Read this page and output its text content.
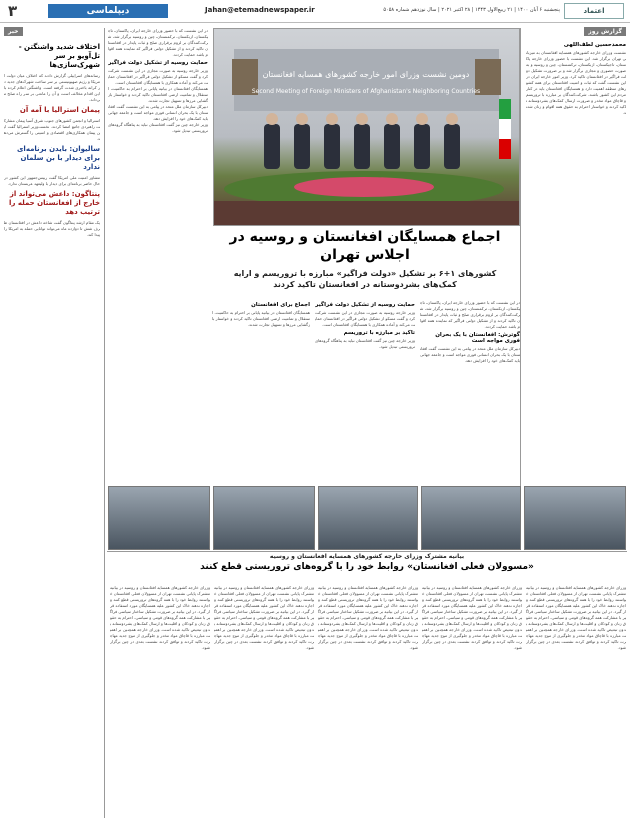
۳	دیپلماسی	Jahan@etemadnewspaper.ir	پنجشنبه ۶ آبان ۱۴۰۰ | ۲۱ ربیع‌الاول ۱۴۴۳ | ۲۸ اکتبر ۲۰۲۱ | سال نوزدهم شماره ۵۰۵۸	اعتماد
گزارش روز

محمدحسین لطف‌اللهی

نشست وزرای خارجه کشورهای همسایه افغانستان به میزبانی تهران برگزار شد. این نشست با حضور وزرای خارجه پاکستان، تاجیکستان، ازبکستان، ترکمنستان، چین و روسیه و به صورت حضوری و مجازی برگزار شد و بر ضرورت تشکیل دولت فراگیر در افغانستان تاکید کرد. وزیر امور خارجه ایران در این نشست گفت که ثبات و امنیت افغانستان برای همه کشورهای منطقه اهمیت دارد و همسایگان افغانستان باید در کنار مردم این کشور باشند. شرکت‌کنندگان بر مبارزه با تروریسم و قاچاق مواد مخدر و ضرورت ارسال کمک‌های بشردوستانه تاکید کردند و خواستار احترام به حقوق همه اقوام و زنان شدند.

دومین نشست وزرای امور خارجه کشورهای همسایه افغانستان
Second Meeting of Foreign Ministers of Afghanistan's Neighboring Countries
اجماع همسایگان افغانستان و روسیه در اجلاس تهران
کشورهای ۱+۶ بر تشکیل «دولت فراگیر» مبارزه با تروریسم و ارایه کمک‌های بشردوستانه در افغانستان تاکید کردند

در این نشست که با حضور وزرای خارجه ایران، پاکستان، تاجیکستان، ازبکستان، ترکمنستان، چین و روسیه برگزار شد، شرکت‌کنندگان بر لزوم برقراری صلح و ثبات پایدار در افغانستان تاکید کردند و از تشکیل دولتی فراگیر که نماینده همه اقوام باشد حمایت کردند.

گوترش: افغانستان با یک بحران فوری مواجه است

دبیرکل سازمان ملل متحد در پیامی به این نشست گفت افغانستان با یک بحران انسانی فوری مواجه است و جامعه جهانی باید کمک‌های خود را افزایش دهد.

حمایت روسیه از تشکیل دولت فراگیر

وزیر خارجه روسیه به صورت مجازی در این نشست شرکت کرد و گفت مسکو از تشکیل دولتی فراگیر در افغانستان حمایت می‌کند و آماده همکاری با همسایگان افغانستان است.

تاکید بر مبارزه با تروریسم

وزیر خارجه چین نیز گفت افغانستان نباید به پناهگاه گروه‌های تروریستی تبدیل شود.

اجماع برای افغانستان

همسایگان افغانستان در بیانیه پایانی بر احترام به حاکمیت، استقلال و تمامیت ارضی افغانستان تاکید کردند و خواستار بازگشایی مرزها و تسهیل تجارت شدند.

در این نشست که با حضور وزرای خارجه ایران، پاکستان، تاجیکستان، ازبکستان، ترکمنستان، چین و روسیه برگزار شد، شرکت‌کنندگان بر لزوم برقراری صلح و ثبات پایدار در افغانستان تاکید کردند و از تشکیل دولتی فراگیر که نماینده همه اقوام باشد حمایت کردند.

حمایت روسیه از تشکیل دولت فراگیر

وزیر خارجه روسیه به صورت مجازی در این نشست شرکت کرد و گفت مسکو از تشکیل دولتی فراگیر در افغانستان حمایت می‌کند و آماده همکاری با همسایگان افغانستان است.

همسایگان افغانستان در بیانیه پایانی بر احترام به حاکمیت، استقلال و تمامیت ارضی افغانستان تاکید کردند و خواستار بازگشایی مرزها و تسهیل تجارت شدند.

دبیرکل سازمان ملل متحد در پیامی به این نشست گفت افغانستان با یک بحران انسانی فوری مواجه است و جامعه جهانی باید کمک‌های خود را افزایش دهد.

وزیر خارجه چین نیز گفت افغانستان نباید به پناهگاه گروه‌های تروریستی تبدیل شود.

بیانیه مشترک وزرای خارجه کشورهای همسایه افغانستان و روسیه
«مسوولان فعلی افغانستان» روابط خود را با گروه‌های تروریستی قطع کنند

وزرای خارجه کشورهای همسایه افغانستان و روسیه در بیانیه مشترک پایانی نشست تهران از مسوولان فعلی افغانستان خواستند روابط خود را با همه گروه‌های تروریستی قطع کنند و اجازه ندهند خاک این کشور علیه همسایگان مورد استفاده قرار گیرد. در این بیانیه بر ضرورت تشکیل ساختار سیاسی فراگیر با مشارکت همه گروه‌های قومی و سیاسی، احترام به حقوق زنان و کودکان و اقلیت‌ها و ارسال کمک‌های بشردوستانه بدون تبعیض تاکید شده است. وزرای خارجه همچنین بر اهمیت مبارزه با قاچاق مواد مخدر و جلوگیری از موج جدید مهاجرت تاکید کردند و توافق کردند نشست بعدی در چین برگزار شود.

وزرای خارجه کشورهای همسایه افغانستان و روسیه در بیانیه مشترک پایانی نشست تهران از مسوولان فعلی افغانستان خواستند روابط خود را با همه گروه‌های تروریستی قطع کنند و اجازه ندهند خاک این کشور علیه همسایگان مورد استفاده قرار گیرد. در این بیانیه بر ضرورت تشکیل ساختار سیاسی فراگیر با مشارکت همه گروه‌های قومی و سیاسی، احترام به حقوق زنان و کودکان و اقلیت‌ها و ارسال کمک‌های بشردوستانه بدون تبعیض تاکید شده است. وزرای خارجه همچنین بر اهمیت مبارزه با قاچاق مواد مخدر و جلوگیری از موج جدید مهاجرت تاکید کردند و توافق کردند نشست بعدی در چین برگزار شود.

وزرای خارجه کشورهای همسایه افغانستان و روسیه در بیانیه مشترک پایانی نشست تهران از مسوولان فعلی افغانستان خواستند روابط خود را با همه گروه‌های تروریستی قطع کنند و اجازه ندهند خاک این کشور علیه همسایگان مورد استفاده قرار گیرد. در این بیانیه بر ضرورت تشکیل ساختار سیاسی فراگیر با مشارکت همه گروه‌های قومی و سیاسی، احترام به حقوق زنان و کودکان و اقلیت‌ها و ارسال کمک‌های بشردوستانه بدون تبعیض تاکید شده است. وزرای خارجه همچنین بر اهمیت مبارزه با قاچاق مواد مخدر و جلوگیری از موج جدید مهاجرت تاکید کردند و توافق کردند نشست بعدی در چین برگزار شود.

وزرای خارجه کشورهای همسایه افغانستان و روسیه در بیانیه مشترک پایانی نشست تهران از مسوولان فعلی افغانستان خواستند روابط خود را با همه گروه‌های تروریستی قطع کنند و اجازه ندهند خاک این کشور علیه همسایگان مورد استفاده قرار گیرد. در این بیانیه بر ضرورت تشکیل ساختار سیاسی فراگیر با مشارکت همه گروه‌های قومی و سیاسی، احترام به حقوق زنان و کودکان و اقلیت‌ها و ارسال کمک‌های بشردوستانه بدون تبعیض تاکید شده است. وزرای خارجه همچنین بر اهمیت مبارزه با قاچاق مواد مخدر و جلوگیری از موج جدید مهاجرت تاکید کردند و توافق کردند نشست بعدی در چین برگزار شود.

وزرای خارجه کشورهای همسایه افغانستان و روسیه در بیانیه مشترک پایانی نشست تهران از مسوولان فعلی افغانستان خواستند روابط خود را با همه گروه‌های تروریستی قطع کنند و اجازه ندهند خاک این کشور علیه همسایگان مورد استفاده قرار گیرد. در این بیانیه بر ضرورت تشکیل ساختار سیاسی فراگیر با مشارکت همه گروه‌های قومی و سیاسی، احترام به حقوق زنان و کودکان و اقلیت‌ها و ارسال کمک‌های بشردوستانه بدون تبعیض تاکید شده است. وزرای خارجه همچنین بر اهمیت مبارزه با قاچاق مواد مخدر و جلوگیری از موج جدید مهاجرت تاکید کردند و توافق کردند نشست بعدی در چین برگزار شود.

خبر

اختلاف شدید واشنگتن - تل‌آویو بر سر شهرک‌سازی‌ها

رسانه‌های اسراییلی گزارش دادند که اختلاف میان دولت امریکا و رژیم صهیونیستی بر سر ساخت شهرک‌های جدید در کرانه باختری شدت گرفته است. واشنگتن اعلام کرده با این اقدام مخالف است و آن را مانعی بر سر راه صلح می‌داند.

پیمان استرالیا با آمه آن

استرالیا و انجمن کشورهای جنوب شرق آسیا پیمان مشارکت راهبردی جامع امضا کردند. نخست‌وزیر استرالیا گفت این پیمان همکاری‌های اقتصادی و امنیتی را گسترش می‌دهد.

سالیوان: بایدن برنامه‌ای برای دیدار با بن سلمان ندارد

مشاور امنیت ملی امریکا گفت رییس‌جمهور این کشور در حال حاضر برنامه‌ای برای دیدار با ولیعهد عربستان ندارد.

پنتاگون: داعش می‌تواند از خارج از افغانستان حمله را ترتیب دهد

یک مقام ارشد پنتاگون گفت شاخه داعش در افغانستان ظرف شش تا دوازده ماه می‌تواند توانایی حمله به امریکا را پیدا کند.
